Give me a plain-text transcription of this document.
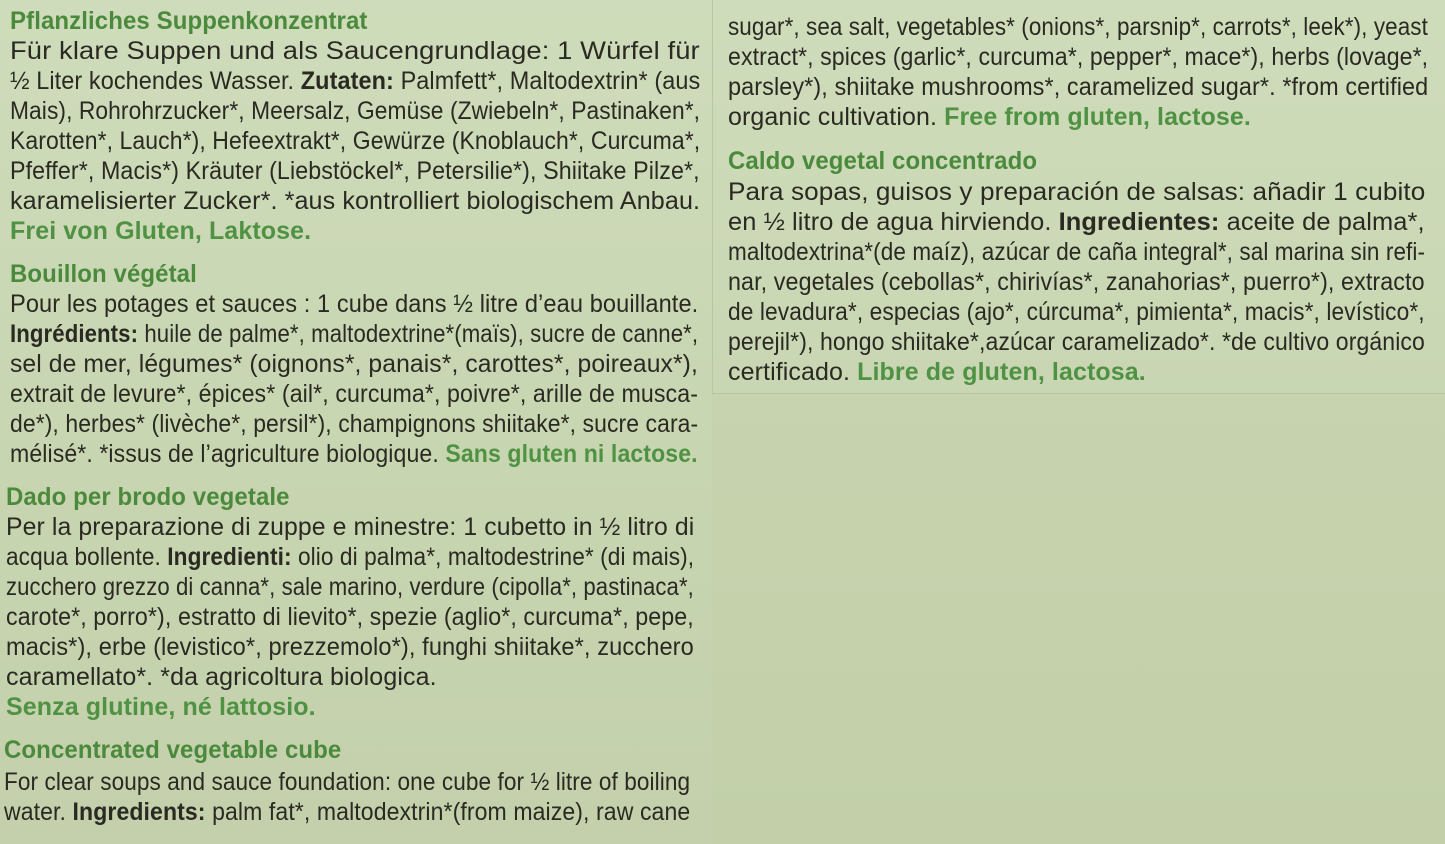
Pflanzliches Suppenkonzentrat
Für klare Suppen und als Saucengrundlage: 1 Würfel für
½ Liter kochendes Wasser. Zutaten: Palmfett*, Maltodextrin* (aus
Mais), Rohrohrzucker*, Meersalz, Gemüse (Zwiebeln*, Pastinaken*,
Karotten*, Lauch*), Hefeextrakt*, Gewürze (Knoblauch*, Curcuma*,
Pfeffer*, Macis*) Kräuter (Liebstöckel*, Petersilie*), Shiitake Pilze*,
karamelisierter Zucker*. *aus kontrolliert biologischem Anbau.
Frei von Gluten, Laktose.
Bouillon végétal
Pour les potages et sauces : 1 cube dans ½ litre d’eau bouillante.
Ingrédients: huile de palme*, maltodextrine*(maïs), sucre de canne*,
sel de mer, légumes* (oignons*, panais*, carottes*, poireaux*),
extrait de levure*, épices* (ail*, curcuma*, poivre*, arille de musca-
de*), herbes* (livèche*, persil*), champignons shiitake*, sucre cara-
mélisé*. *issus de l’agriculture biologique. Sans gluten ni lactose.
Dado per brodo vegetale
Per la preparazione di zuppe e minestre: 1 cubetto in ½ litro di
acqua bollente. Ingredienti: olio di palma*, maltodestrine* (di mais),
zucchero grezzo di canna*, sale marino, verdure (cipolla*, pastinaca*,
carote*, porro*), estratto di lievito*, spezie (aglio*, curcuma*, pepe,
macis*), erbe (levistico*, prezzemolo*), funghi shiitake*, zucchero
caramellato*. *da agricoltura biologica.
Senza glutine, né lattosio.
Concentrated vegetable cube
For clear soups and sauce foundation: one cube for ½ litre of boiling
water. Ingredients: palm fat*, maltodextrin*(from maize), raw cane
sugar*, sea salt, vegetables* (onions*, parsnip*, carrots*, leek*), yeast
extract*, spices (garlic*, curcuma*, pepper*, mace*), herbs (lovage*,
parsley*), shiitake mushrooms*, caramelized sugar*. *from certified
organic cultivation. Free from gluten, lactose.
Caldo vegetal concentrado
Para sopas, guisos y preparación de salsas: añadir 1 cubito
en ½ litro de agua hirviendo. Ingredientes: aceite de palma*,
maltodextrina*(de maíz), azúcar de caña integral*, sal marina sin refi-
nar, vegetales (cebollas*, chirivías*, zanahorias*, puerro*), extracto
de levadura*, especias (ajo*, cúrcuma*, pimienta*, macis*, levístico*,
perejil*), hongo shiitake*,azúcar caramelizado*. *de cultivo orgánico
certificado. Libre de gluten, lactosa.
